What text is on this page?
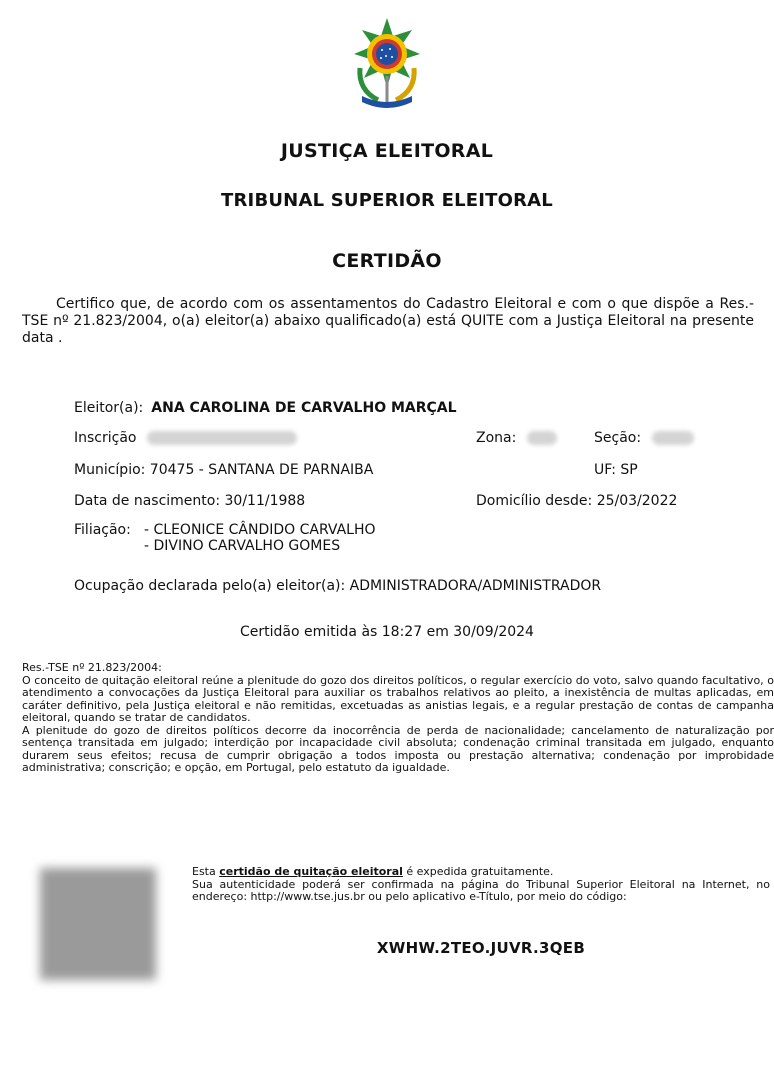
JUSTIÇA ELEITORAL
TRIBUNAL SUPERIOR ELEITORAL
CERTIDÃO
Certifico que, de acordo com os assentamentos do Cadastro Eleitoral e com o que dispõe a Res.-TSE nº 21.823/2004, o(a) eleitor(a) abaixo qualificado(a) está QUITE com a Justiça Eleitoral na presente data .
Eleitor(a): ANA CAROLINA DE CARVALHO MARÇAL
Inscrição	Zona:	Seção:
Município: 70475 - SANTANA DE PARNAIBA	UF: SP
Data de nascimento: 30/11/1988	Domicílio desde: 25/03/2022
Filiação: - CLEONICE CÂNDIDO CARVALHO
- DIVINO CARVALHO GOMES
Ocupação declarada pelo(a) eleitor(a): ADMINISTRADORA/ADMINISTRADOR
Certidão emitida às 18:27 em 30/09/2024

Res.-TSE nº 21.823/2004:

O conceito de quitação eleitoral reúne a plenitude do gozo dos direitos políticos, o regular exercício do voto, salvo quando facultativo, o atendimento a convocações da Justiça Eleitoral para auxiliar os trabalhos relativos ao pleito, a inexistência de multas aplicadas, em caráter definitivo, pela Justiça eleitoral e não remitidas, excetuadas as anistias legais, e a regular prestação de contas de campanha eleitoral, quando se tratar de candidatos.

A plenitude do gozo de direitos políticos decorre da inocorrência de perda de nacionalidade; cancelamento de naturalização por sentença transitada em julgado; interdição por incapacidade civil absoluta; condenação criminal transitada em julgado, enquanto durarem seus efeitos; recusa de cumprir obrigação a todos imposta ou prestação alternativa; condenação por improbidade administrativa; conscrição; e opção, em Portugal, pelo estatuto da igualdade.

Esta certidão de quitação eleitoral é expedida gratuitamente.

Sua autenticidade poderá ser confirmada na página do Tribunal Superior Eleitoral na Internet, no endereço: http://www.tse.jus.br ou pelo aplicativo e-Título, por meio do código:

XWHW.2TEO.JUVR.3QEB
